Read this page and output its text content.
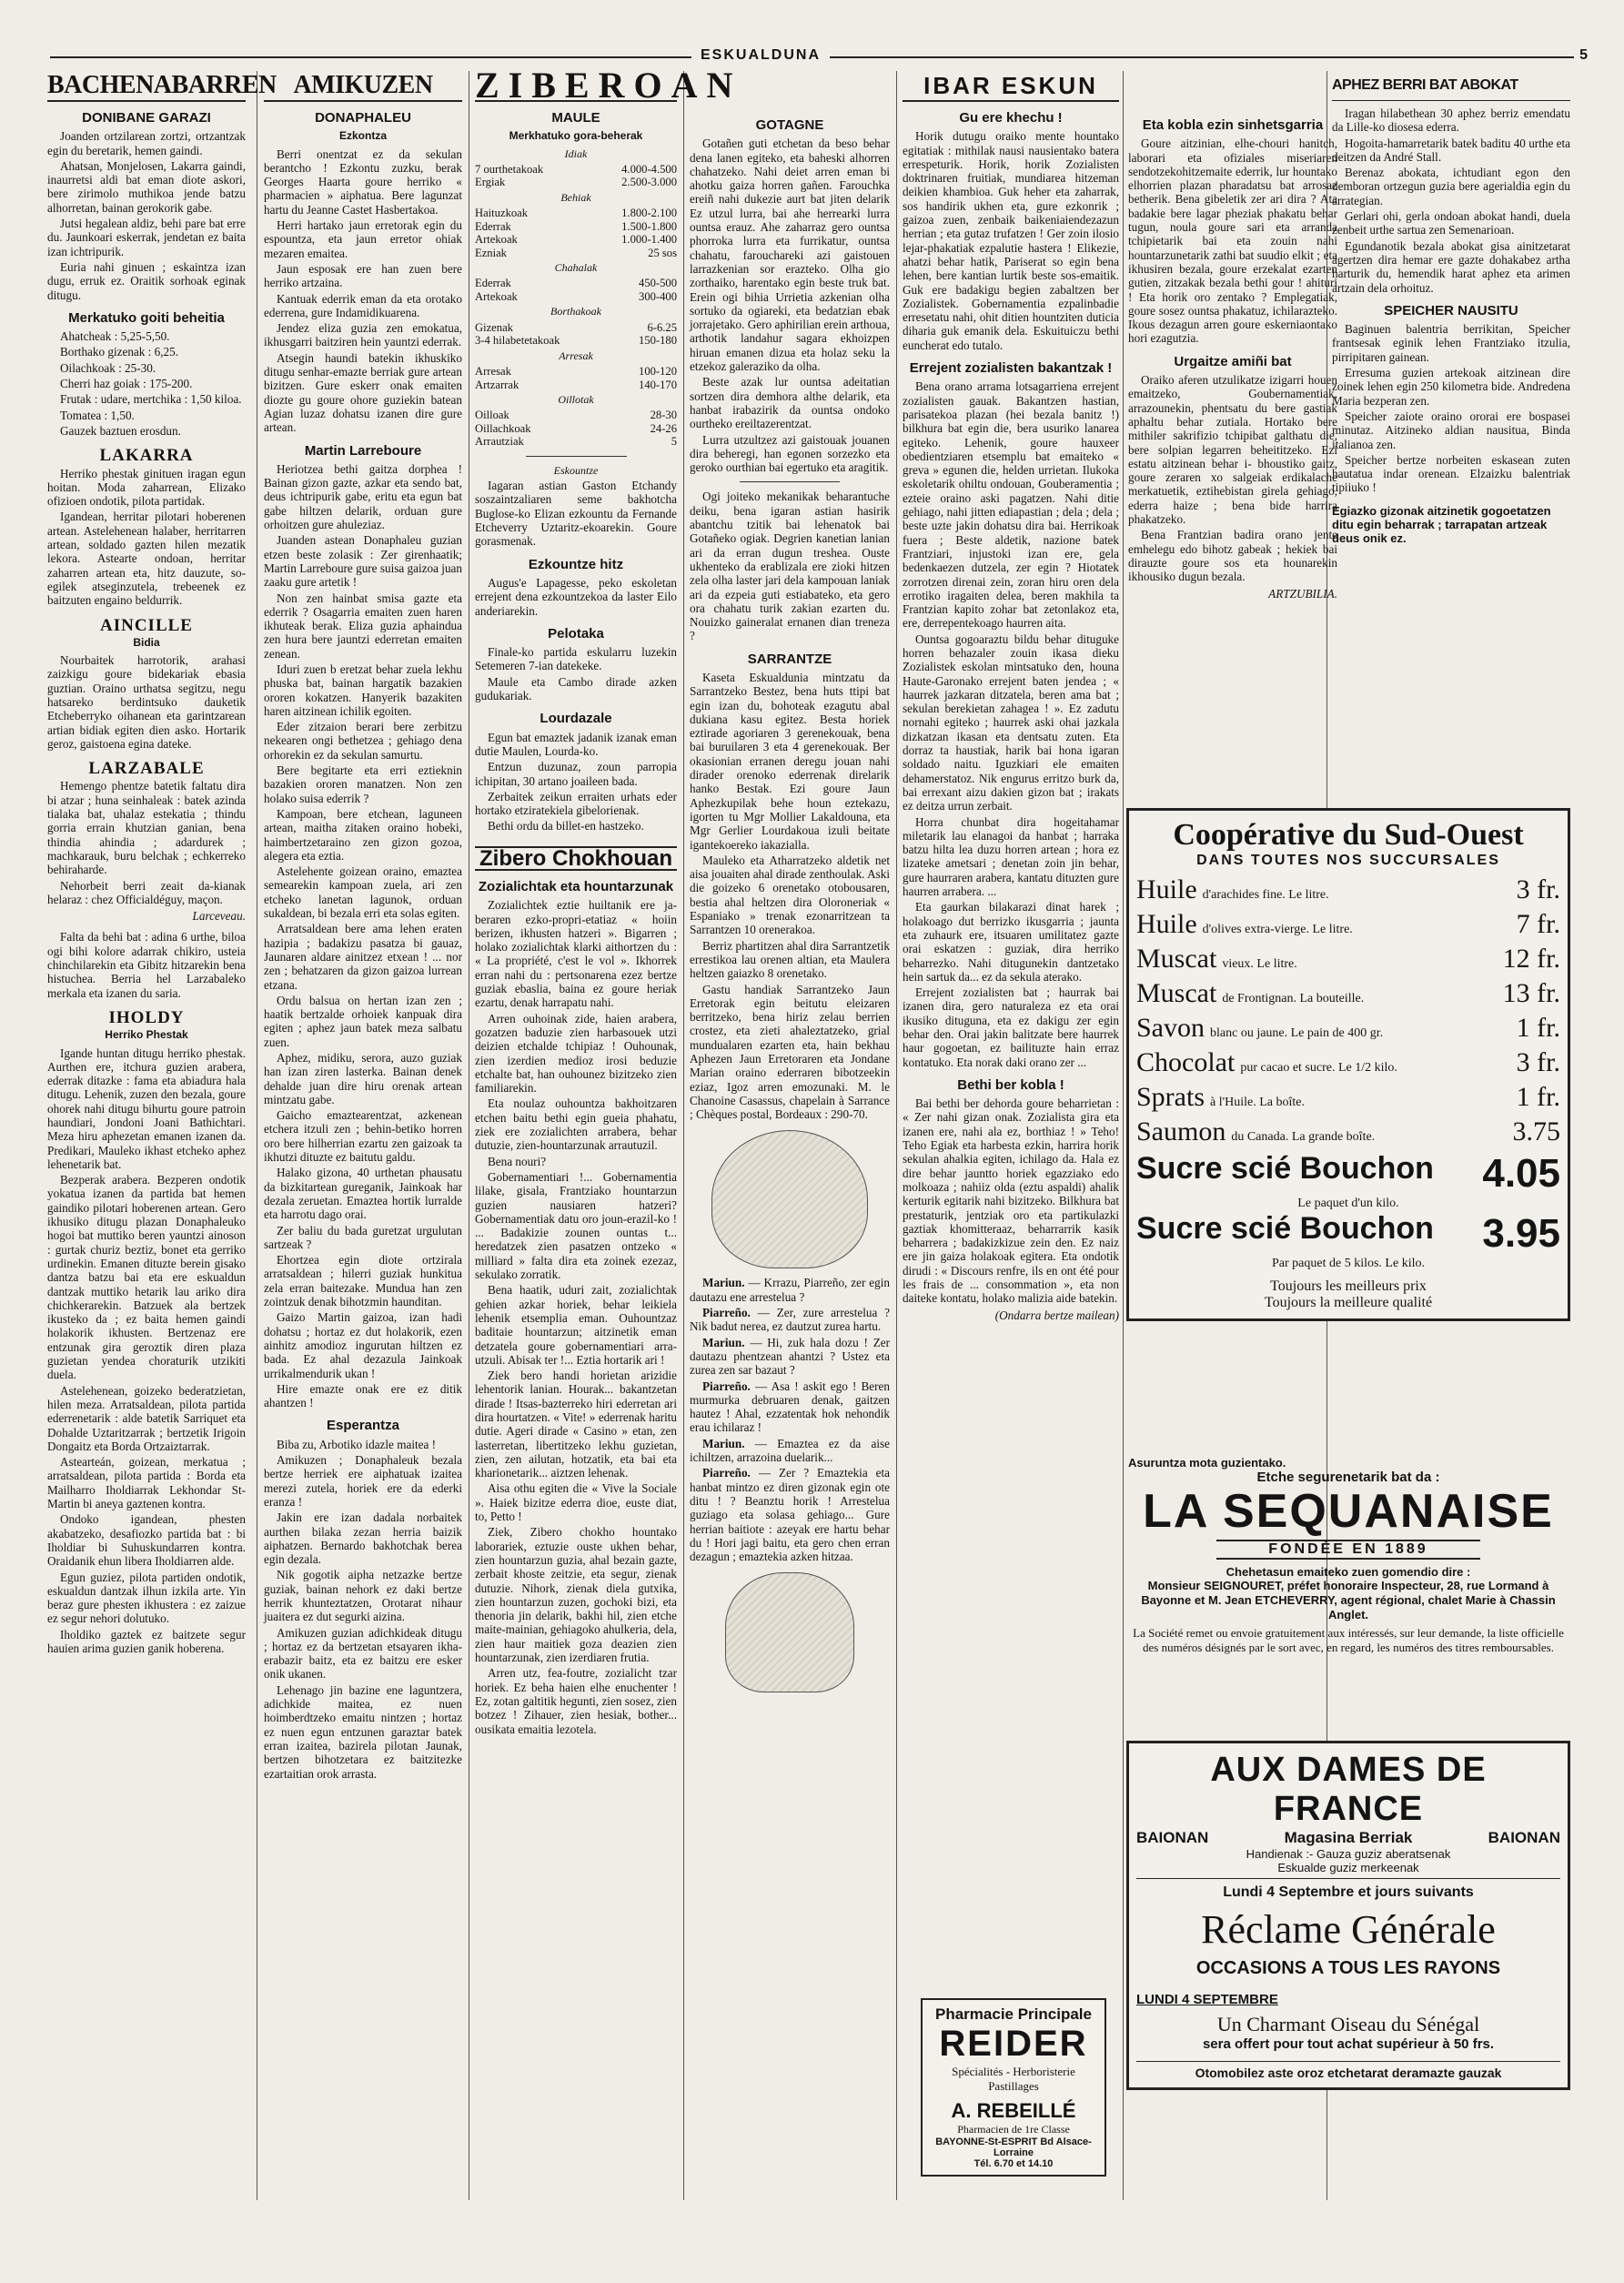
ESKUALDUNA	5
BACHENABARREN
DONIBANE GARAZI

Joanden ortzilarean zortzi, ortzantzak egin du beretarik, hemen gaindi.

Ahatsan, Monjelosen, Lakarra gaindi, inaurretsi aldi bat eman diote askori, bere zirimolo muthikoa jende batzu alhorretan, bainan gerokorik gabe.

Jutsi hegalean aldiz, behi pare bat erre du. Jaunkoari eskerrak, jendetan ez baita izan ichtripurik.

Euria nahi ginuen ; eskaintza izan dugu, erruk ez. Oraitik sorhoak eginak ditugu.

Merkatuko goiti beheitia

Ahatcheak : 5,25-5,50.

Borthako gizenak : 6,25.

Oilachkoak : 25-30.

Cherri haz goiak : 175-200.

Frutak : udare, mertchika : 1,50 kiloa.

Tomatea : 1,50.

Gauzek baztuen erosdun.

LAKARRA

Herriko phestak ginituen iragan egun hoitan. Moda zaharrean, Elizako ofizioen ondotik, pilota partidak.

Igandean, herritar pilotari hoberenen artean. Astelehenean halaber, herritarren artean, soldado gazten hilen mezatik lekora. Astearte ondoan, herritar zaharren artean eta, hitz dauzute, so-egilek atseginzutela, trebeenek ez baitzuten engaino beldurrik.

AINCILLE
Bidia

Nourbaitek harrotorik, arahasi zaizkigu goure bidekariak ebasia guztian. Oraino urthatsa segitzu, negu hatsareko berdintsuko dauketik Etcheberryko oihanean eta garintzarean artian bidiak egiten dien asko. Hortarik geroz, gaistoena egina dateke.

LARZABALE

Hemengo phentze batetik faltatu dira bi atzar ; huna seinhaleak : batek azinda tialaka bat, uhalaz estekatia ; thindu gorria errain khutzian ganian, bena thindia ahindia ; adardurek ; machkarauk, buru belchak ; echkerreko behiraharde.

Nehorbeit berri zeait da-kianak helaraz : chez Officialdéguy, maçon.

Larceveau.

Falta da behi bat : adina 6 urthe, biloa ogi bihi kolore adarrak chikiro, usteia chinchilarekin eta Gibitz hitzarekin bena histuchea. Berria hel Larzabaleko merkala eta izanen du saria.

IHOLDY
Herriko Phestak

Igande huntan ditugu herriko phestak. Aurthen ere, itchura guzien arabera, ederrak ditazke : fama eta abiadura hala ditugu. Lehenik, zuzen den bezala, goure ohorek nahi ditugu bihurtu goure patroin haundiari, Jondoni Joani Bathichtari. Meza hiru aphezetan emanen izanen da. Predikari, Mauleko ikhast etcheko aphez lehenetarik bat.

Bezperak arabera. Bezperen ondotik yokatua izanen da partida bat hemen gaindiko pilotari hoberenen artean. Gero ikhusiko ditugu plazan Donaphaleuko hogoi bat muttiko beren yauntzi ainoson : gurtak churiz beztiz, bonet eta gerriko urdinekin. Emanen dituzte berein gisako dantza batzu bai eta ere eskualdun dantzak muttiko hetarik lau ariko dira chichkerarekin. Batzuek ala bertzek ikusteko da ; ez baita hemen gaindi holakorik ikhusten. Bertzenaz ere entzunak gira geroztik diren plaza guzietan yendea choraturik utzikiti duela.

Astelehenean, goizeko bederatzietan, hilen meza. Arratsaldean, pilota partida ederrenetarik : alde batetik Sarriquet eta Dohalde Uztaritzarrak ; bertzetik Irigoin Dongaitz eta Borda Ortzaiztarrak.

Astearteán, goizean, merkatua ; arratsaldean, pilota partida : Borda eta Mailharro Iholdiarrak Lekhondar St-Martin bi aneya gaztenen kontra.

Ondoko igandean, phesten akabatzeko, desafiozko partida bat : bi Iholdiar bi Suhuskundarren kontra. Oraidanik ehun libera Iholdiarren alde.

Egun guziez, pilota partiden ondotik, eskualdun dantzak ilhun izkila arte. Yin beraz gure phesten ikhustera : ez zaizue ez segur nehori dolutuko.

Iholdiko gaztek ez baitzete segur hauien arima guzien ganik hoberena.

AMIKUZEN
DONAPHALEU
Ezkontza

Berri onentzat ez da sekulan berantcho ! Ezkontu zuzku, berak Georges Haarta goure herriko « pharmacien » aiphatua. Bere lagunzat hartu du Jeanne Castet Hasbertakoa.

Herri hartako jaun erretorak egin du espountza, eta jaun erretor ohiak mezaren emaitea.

Jaun esposak ere han zuen bere herriko artzaina.

Kantuak ederrik eman da eta orotako ederrena, gure Indamidikuarena.

Jendez eliza guzia zen emokatua, ikhusgarri baitziren hein yauntzi ederrak.

Atsegin haundi batekin ikhuskiko ditugu senhar-emazte berriak gure artean bizitzen. Gure eskerr onak emaiten diozte gu goure ohore guziekin batean Agian luzaz dohatsu izanen dire gure artean.

Martin Larreboure

Heriotzea bethi gaitza dorphea ! Bainan gizon gazte, azkar eta sendo bat, deus ichtripurik gabe, eritu eta egun bat gabe hiltzen delarik, orduan gure orhoitzen gure ahuleziaz.

Juanden astean Donaphaleu guzian etzen beste zolasik : Zer girenhaatik; Martin Larreboure gure suisa gaizoa juan zaaku gure artetik !

Non zen hainbat smisa gazte eta ederrik ? Osagarria emaiten zuen haren ikhuteak berak. Eliza guzia aphaindua zen hura bere jauntzi ederretan emaiten zenean.

Iduri zuen b eretzat behar zuela lekhu phuska bat, bainan hargatik bazakien ororen kokatzen. Hanyerik bazakiten haren aitzinean ichilik egoiten.

Eder zitzaion berari bere zerbitzu nekearen ongi bethetzea ; gehiago dena orhorekin ez da sekulan samurtu.

Bere begitarte eta erri eztieknin bazakien ororen manatzen. Non zen holako suisa ederrik ?

Kampoan, bere etchean, laguneen artean, maitha zitaken oraino hobeki, haimbertzetaraino zen gizon gozoa, alegera eta eztia.

Astelehente goizean oraino, emaztea semearekin kampoan zuela, ari zen etcheko lanetan lagunok, orduan sukaldean, bi bezala erri eta solas egiten.

Arratsaldean bere ama lehen eraten hazipia ; badakizu pasatza bi gauaz, Jaunaren aldare ainitzez etxean ! ... nor zen ; behatzaren da gizon gaizoa lurrean etzana.

Ordu balsua on hertan izan zen ; haatik bertzalde orhoiek kanpuak dira egiten ; aphez jaun batek meza salbatu zuen.

Aphez, midiku, serora, auzo guziak han izan ziren lasterka. Bainan denek dehalde juan dire hiru orenak artean mintzatu gabe.

Gaicho emaztearentzat, azkenean etchera itzuli zen ; behin-betiko horren oro bere hilherrian ezartu zen gaizoak ta ikhutzi dituzte ez baitutu galdu.

Halako gizona, 40 urthetan phausatu da bizkitartean gureganik, Jainkoak har dezala zeruetan. Emaztea hortik lurralde eta harrotu dago orai.

Zer baliu du bada guretzat urgulutan sartzeak ?

Ehortzea egin diote ortzirala arratsaldean ; hilerri guziak hunkitua zela erran baitezake. Mundua han zen zointzuk denak bihotzmin haunditan.

Gaizo Martin gaizoa, izan hadi dohatsu ; hortaz ez dut holakorik, ezen ainhitz amodioz ingurutan hiltzen ez bada. Ez ahal dezazula Jainkoak urrikalmendurik ukan !

Hire emazte onak ere ez ditik ahantzen !

Esperantza

Biba zu, Arbotiko idazle maitea !

Amikuzen ; Donaphaleuk bezala bertze herriek ere aiphatuak izaitea merezi zutela, horiek ere da ederki eranza !

Jakin ere izan dadala norbaitek aurthen bilaka zezan herria baizik aiphatzen. Bernardo bakhotchak berea egin dezala.

Nik gogotik aipha netzazke bertze guziak, bainan nehork ez daki bertze herrik khunteztatzen, Orotarat nihaur juaitera ez dut segurki aizina.

Amikuzen guzian adichkideak ditugu ; hortaz ez da bertzetan etsayaren ikha-erabazir baitz, eta ez baitzu ere esker onik ukanen.

Lehenago jin bazine ene laguntzera, adichkide maitea, ez nuen hoimberdtzeko emaitu nintzen ; hortaz ez nuen egun entzunen garaztar batek erran izaitea, bazirela pilotan Jaunak, bertzen bihotzetara ez baitzitezke ezartaitian orok arrasta.

ZIBEROAN
MAULE
Merkhatuko gora-beherak
Idiak
7 ourthetakoak	4.000-4.500
Ergiak	2.500-3.000
Behiak
Haituzkoak	1.800-2.100
Ederrak	1.500-1.800
Artekoak	1.000-1.400
Ezniak	25 sos
Chahalak
Ederrak	450-500
Artekoak	300-400
Borthakoak
Gizenak	6-6.25
3-4 hilabetetakoak	150-180
Arresak
Arresak	100-120
Artzarrak	140-170
Oillotak
Oilloak	28-30
Oillachkoak	24-26
Arrautziak	5
Eskountze

Iagaran astian Gaston Etchandy soszaintzaliaren seme bakhotcha Buglose-ko Elizan ezkountu da Fernande Etcheverry Uztaritz-ekoarekin. Goure gorasmenak.

Ezkountze hitz

Augus'e Lapagesse, peko eskoletan errejent dena ezkountzekoa da laster Eilo anderiarekin.

Pelotaka

Finale-ko partida eskularru luzekin Setemeren 7-ian datekeke.

Maule eta Cambo dirade azken gudukariak.

Lourdazale

Egun bat emaztek jadanik izanak eman dutie Maulen, Lourda-ko.

Entzun duzunaz, zoun parropia ichipitan, 30 artano joaileen bada.

Zerbaitek zeikun erraiten urhats eder hortako etziratekiela gibelorienak.

Bethi ordu da billet-en hastzeko.

Zibero Chokhouan
Zozialichtak eta hountarzunak

Zozialichtek eztie huiltanik ere ja-beraren ezko-propri-etatiaz « hoiin berizen, ikhusten hatzeri ». Bigarren ; holako zozialichtak klarki aithortzen du : « La propriété, c'est le vol ». Ikhorrek erran nahi du : pertsonarena ezez bertze guziak ebaslia, baina ez goure heriak ezartu, denak harrapatu nahi.

Arren ouhoinak zide, haien arabera, gozatzen baduzie zien harbasouek utzi deizien etchalde tchipiaz ! Ouhounak, zien izerdien medioz irosi beduzie etchalte bat, han ouhounez bizitzeko zien familiarekin.

Eta noulaz ouhountza bakhoitzaren etchen baitu bethi egin gueia phahatu, ziek ere zozialichten arrabera, behar dutuzie, zien-hountarzunak arrautuzil.

Bena nouri?

Gobernamentiari !... Gobernamentia lilake, gisala, Frantziako hountarzun guzien nausiaren hatzeri? Gobernamentiak datu oro joun-erazil-ko ! ... Badakizie zounen ountas t... heredatzek zien pasatzen ontzeko « milliard » falta dira eta zoinek ezezaz, sekulako zorratik.

Bena haatik, uduri zait, zozialichtak gehien azkar horiek, behar leikiela lehenik etsemplia eman. Ouhountzaz baditaie hountarzun; aitzinetik eman detzatela goure gobernamentiari arra-utzuli. Abisak ter !... Eztia hortarik ari !

Ziek bero handi horietan arizidie lehentorik lanian. Hourak... bakantzetan dirade ! Itsas-bazterreko hiri ederretan ari dira hourtatzen. « Vite! » ederrenak haritu dutie. Ageri dirade « Casino » etan, zen lasterretan, libertitzeko lekhu guzietan, zien, zen ailutan, hotzatik, eta bai eta kharionetarik... aiztzen lehenak.

Aisa othu egiten die « Vive la Sociale ». Haiek bizitze ederra dioe, euste diat, to, Petto !

Ziek, Zibero chokho hountako laborariek, eztuzie ouste ukhen behar, zien hountarzun guzia, ahal bezain gazte, zerbait khoste zeitzie, eta segur, zienak dutuzie. Nihork, zienak diela gutxika, zien hountarzun zuzen, gochoki bizi, eta thenoria jin delarik, bakhi hil, zien etche maite-mainian, gehiagoko ahulkeria, dela, zien haur maitiek goza deazien zien hountarzunak, zien izerdiaren frutia.

Arren utz, fea-foutre, zozialicht tzar horiek. Ez beha haien elhe enuchenter ! Ez, zotan galtitik hegunti, zien sosez, zien botzez ! Zihauer, zien hesiak, bother... ousikata emaitia lezotela.

GOTAGNE

Gotañen guti etchetan da beso behar dena lanen egiteko, eta baheski alhorren chahatzeko. Nahi deiet arren eman bi ahotku gaiza horren gañen. Farouchka ereiñ nahi dukezie aurt bat jiten delarik Ez utzul lurra, bai ahe herrearki lurra ountsa erauz. Ahe zaharraz gero ountsa phorroka lurra eta furrikatur, ountsa chahatu, farouchareki azi gaistouen larrazkenian sor erazteko. Olha gio zorthaiko, harentako egin beste truk bat. Erein ogi bihia Urrietia azkenian olha sortuko da ogiareki, eta bedatzian ebak jorrajetako. Gero aphirilian erein arthoua, arthotik landahur sagara ekhoizpen hiruan emanen dizua eta holaz seku la etzekoz galeraziko da olha.

Beste azak lur ountsa adeitatian sortzen dira demhora althe delarik, eta hanbat irabazirik da ountsa ondoko ourtheko ereiltazerentzat.

Lurra utzultzez azi gaistouak jouanen dira beheregi, han egonen sorzezko eta geroko ourthian bai egertuko eta aragitik.

Ogi joiteko mekanikak beharantuche deiku, bena igaran astian hasirik abantchu tzitik bai lehenatok bai Gotañeko ogiak. Degrien kanetian lanian ari da erran dugun treshea. Ouste ukhenteko da erablizala ere zioki hitzen zela olha laster jari dela kampouan laniak ari da ezpeia guti estiabateko, eta gero ora chahatu turik zakian ezarten du. Nouizko gaineralat ernanen dian treneza ?

SARRANTZE

Kaseta Eskualdunia mintzatu da Sarrantzeko Bestez, bena huts ttipi bat egin izan du, bohoteak ezagutu abal dukiana kasu egitez. Besta horiek eztirade agoriaren 3 gerenekouak, bena bai buruilaren 3 eta 4 gerenekouak. Ber okasionian erranen deregu jouan nahi dirader orenoko ederrenak direlarik hanko Bestak. Ezi goure Jaun Aphezkupilak behe houn eztekazu, igorten tu Mgr Mollier Lakaldouna, eta Mgr Gerlier Lourdakoua izuli beitate igantekoereko iakazialla.

Mauleko eta Atharratzeko aldetik net aisa jouaiten ahal dirade zenthoulak. Aski die goizeko 6 orenetako otobousaren, bestia ahal heltzen dira Oloroneriak « Espaniako » trenak ezonarritzean ta Sarrantzen 10 orenerakoa.

Berriz phartitzen ahal dira Sarrantzetik errestikoa lau orenen altian, eta Maulera heltzen gaiazko 8 orenetako.

Gastu handiak Sarrantzeko Jaun Erretorak egin beitutu eleizaren berritzeko, bena hiriz zelau berrien crostez, eta zieti ahaleztatzeko, grial mundualaren ezarten eta, hain bekhau Aphezen Jaun Erretoraren eta Jondane Marian oraino ederraren bibotzeekin eziaz, Igoz arren emozunaki. M. le Chanoine Casassus, chapelain à Sarrance ; Chèques postal, Bordeaux : 290-70.

Mariun. — Krrazu, Piarreño, zer egin dautazu ene arrestelua ?

Piarreño. — Zer, zure arrestelua ? Nik badut nerea, ez dautzut zurea hartu.

Mariun. — Hi, zuk hala dozu ! Zer dautazu phentzean ahantzi ? Ustez eta zurea zen sar bazaut ?

Piarreño. — Asa ! askit ego ! Beren murmurka debruaren denak, gaitzen hautez ! Ahal, ezzatentak hok nehondik erau ichilaraz !

Mariun. — Emaztea ez da aise ichiltzen, arrazoina duelarik...

Piarreño. — Zer ? Emaztekia eta hanbat mintzo ez diren gizonak egin ote ditu ! ? Beanztu horik ! Arrestelua guziago eta solasa gehiago... Gure herrian baitiote : azeyak ere hartu behar du ! Hori jagi baitu, eta gero chen erran dezagun ; emaztekia azken hitzaa.

IBAR ESKUN
Gu ere khechu !

Horik dutugu oraiko mente hountako egitatiak : mithilak nausi nausientako batera errespeturik. Horik, horik Zozialisten doktrinaren fruitiak, mundiarea hitzeman deikien khambioa. Guk heher eta zaharrak, sos handirik ukhen eta, gure ezkonrik ; gaizoa zuen, zenbaik baikeniaiendezazun herrian ; eta gutaz trufatzen ! Ger zoin ilosio lejar-phakatiak ezpalutie hastera ! Elikezie, ahatzi behar hatik, Pariserat so egin bena lehen, bere kantian lurtik beste sos-emaitik. Guk ere badakigu begien zabaltzen ber Zozialistek. Gobernamentia ezpalinbadie erresetatu nahi, ohit ditien hountziten duticia diharia guk emanik dela. Eskuituiczu bethi euncherat edo tutalo.

Errejent zozialisten bakantzak !

Bena orano arrama lotsagarriena errejent zozialisten gauak. Bakantzen hastian, parisatekoa plazan (hei bezala banitz !) bilkhura bat egin die, bera usuriko lanarea egiteko. Lehenik, goure hauxeer obedientziaren etsemplu bat emaiteko « greva » egunen die, helden urrietan. Ilukoka eskoletarik ohiltu ondouan, Gouberamentia ; ezteie oraino aski pagatzen. Nahi ditie gehiago, nahi jitten ediapastian ; dela ; dela ; beste uzte jakin dohatsu dira bai. Herrikoak fuera ; Beste aldetik, nazione batek Frantziari, injustoki izan ere, gela bedenkaezen dutzela, zer egin ? Hiotatek zorrotzen direnai zein, zoran hiru oren dela errotiko iragaiten delea, beren makhila ta Frantzian kapito zohar bat zetonlakoz eta, ere, derrepentekoago haurren aita.

Ountsa gogoaraztu bildu behar dituguke horren behazaler zouin ikasa dieku Zozialistek eskolan mintsatuko den, houna Haute-Garonako errejent baten jendea ; « haurrek jazkaran ditzatela, beren ama bat ; sekulan berekietan zahagea ! ». Ez zadutu nornahi egiteko ; haurrek aski ohai jazkala dizkatzan ikasan eta dentsatu zuten. Eta dorraz ta haustiak, harik bai hona igaran soldado naitu. Iguzkiari ele emaiten dehamerstatoz. Nik engurus erritzo burk da, bai errexant aizu dakien gizon bat ; irakats ez deitza urrun zerbait.

Horra chunbat dira hogeitahamar miletarik lau elanagoi da hanbat ; harraka batzu hilta lea duzu horren artean ; hora ez lizateke ametsari ; denetan zoin jin behar, gure haurraren arabera, kantatu dituzten gure haurren arrabera. ...

Eta gaurkan bilakarazi dinat harek ; holakoago dut berrizko ikusgarria ; jaunta eta zuhaurk ere, itsuaren umilitatez gazte orai eskatzen : guziak, dira herriko beharrezko. Nahi ditugunekin dantzetako hein sartuk da... ez da sekula aterako.

Errejent zozialisten bat ; haurrak bai izanen dira, gero naturaleza ez eta orai ikusiko dituguna, eta ez dakigu zer egin behar den. Orai jakin balitzate bere haurrek haur gogoetan, ez bailituzte hain erraz kontatuko. Eta norak daki orano zer ...

Bethi ber kobla !

Bai bethi ber dehorda goure beharrietan : « Zer nahi gizan onak. Zozialista gira eta izanen ere, nahi ala ez, borthiaz ! » Teho! Teho Egiak eta harbesta ezkin, harrira horik sekulan ahalkia egiten, ichilago da. Hala ez dire behar jauntto horiek egazziako edo molkoaza ; nahiiz olda (eztu aspaldi) ahalik kerturik egitarik nahi bizitzeko. Bilkhura bat prestaturik, jentziak oro eta partikulazki gaztiak khomitteraaz, beharrarrik kasik beharrera ; badakizkizue zein den. Ez naiz ere jin gaiza holakoak egitera. Eta ondotik dirudi : « Discours renfre, ils en ont été pour les frais de ... consommation », eta non daiteke kontatu, holako malizia aide batekin.

(Ondarra bertze mailean)
Pharmacie Principale
REIDER
Spécialités - Herboristerie
Pastillages
A. REBEILLÉ
Pharmacien de 1re Classe
BAYONNE-St-ESPRIT Bd Alsace-Lorraine
Tél. 6.70 et 14.10
Eta kobla ezin sinhetsgarria

Goure aitzinian, elhe-chouri hanitch, laborari eta ofiziales miseriaren sendotzekohitzemaite ederrik, lur hountako elhorrien plazan pharadatsu bat arrosaz betherik. Bena gibeletik zer ari dira ? Ata badakie bere lagar pheziak phakatu behar tugun, noula goure sari eta arranda tchipietarik bai eta zouin nahi hountarzunetarik zathi bat suudio elkit ; eta ikhusiren bezala, goure erzekalat ezarten gutien, zitzakak bezala bethi gour ! ahituri ! Eta horik oro zentako ? Emplegatiak, goure sosez ountsa phakatuz, ichilarazteko. Ikous dezagun arren goure eskerniaontako hori ezagutzia.

Urgaitze amiñi bat

Oraiko aferen utzulikatze izigarri houen emaitzeko, Goubernamentiak, arrazounekin, phentsatu du bere gastiak aphaltu behar zutiala. Hortako bere mithiler sakrifizio tchipibat galthatu die, bere solpian legarren beheititzeko. Ezi estatu aitzinean behar i- bhoustiko gaitz, goure zeraren xo salgeiak erdikalache merkatuetik, eztihebistan girela gehiago, ederra haize ; bena bide harrira phakatzeko.

Bena Frantzian badira orano jente emhelegu edo bihotz gabeak ; hekiek bai dirauzte goure sos eta hounarekin ikhousiko dugun bezala.

ARTZUBILIA.
APHEZ BERRI BAT ABOKAT

Iragan hilabethean 30 aphez berriz emendatu da Lille-ko diosesa ederra.

Hogoita-hamarretarik batek baditu 40 urthe eta deitzen da André Stall.

Berenaz abokata, ichtudiant egon den demboran ortzegun guzia bere agerialdia egin du arrategian.

Gerlari ohi, gerla ondoan abokat handi, duela zenbeit urthe sartua zen Semenarioan.

Egundanotik bezala abokat gisa ainitzetarat agertzen dira hemar ere gazte dohakabez artha harturik du, hemendik harat aphez eta arimen artzain dela orhoituz.

SPEICHER NAUSITU

Baginuen balentria berrikitan, Speicher frantsesak eginik lehen Frantziako itzulia, pirripitaren gainean.

Erresuma guzien artekoak aitzinean dire zoinek lehen egin 250 kilometra bide. Andredena Maria bezperan zen.

Speicher zaiote oraino ororai ere bospasei minutaz. Aitzineko aldian nausitua, Binda italianoa zen.

Speicher bertze norbeiten eskasean zuten hautatua indar orenean. Elzaizku balentriak tipiiuko !

Egiazko gizonak aitzinetik gogoetatzen ditu egin beharrak ; tarrapatan artzeak deus onik ez.
Coopérative du Sud-Ouest
DANS TOUTES NOS SUCCURSALES
Huile d'arachides fine. Le litre.	3 fr.
Huile d'olives extra-vierge. Le litre.	7 fr.
Muscat vieux. Le litre.	12 fr.
Muscat de Frontignan. La bouteille.	13 fr.
Savon blanc ou jaune. Le pain de 400 gr.	1 fr.
Chocolat pur cacao et sucre. Le 1/2 kilo.	3 fr.
Sprats à l'Huile. La boîte.	1 fr.
Saumon du Canada. La grande boîte.	3.75
Sucre scié Bouchon 4.05
Le paquet d'un kilo.
Sucre scié Bouchon 3.95
Par paquet de 5 kilos. Le kilo.
Toujours les meilleurs prix
Toujours la meilleure qualité
Asuruntza mota guzientako.
Etche segurenetarik bat da :
LA SEQUANAISE
FONDÉE EN 1889
Chehetasun emaiteko zuen gomendio dire :
Monsieur SEIGNOURET, préfet honoraire Inspecteur, 28, rue Lormand à Bayonne et M. Jean ETCHEVERRY, agent régional, chalet Marie à Chassin Anglet.
La Société remet ou envoie gratuitement aux intéressés, sur leur demande, la liste officielle des numéros désignés par le sort avec, en regard, les numéros des titres remboursables.
AUX DAMES DE FRANCE
BAIONAN	Magasina Berriak	BAIONAN
Handienak :- Gauza guziz aberatsenak
Eskualde guziz merkeenak
Lundi 4 Septembre et jours suivants
Réclame Générale
OCCASIONS A TOUS LES RAYONS
LUNDI 4 SEPTEMBRE
Un Charmant Oiseau du Sénégal
sera offert pour tout achat supérieur à 50 frs.
Otomobilez aste oroz etchetarat deramazte gauzak
